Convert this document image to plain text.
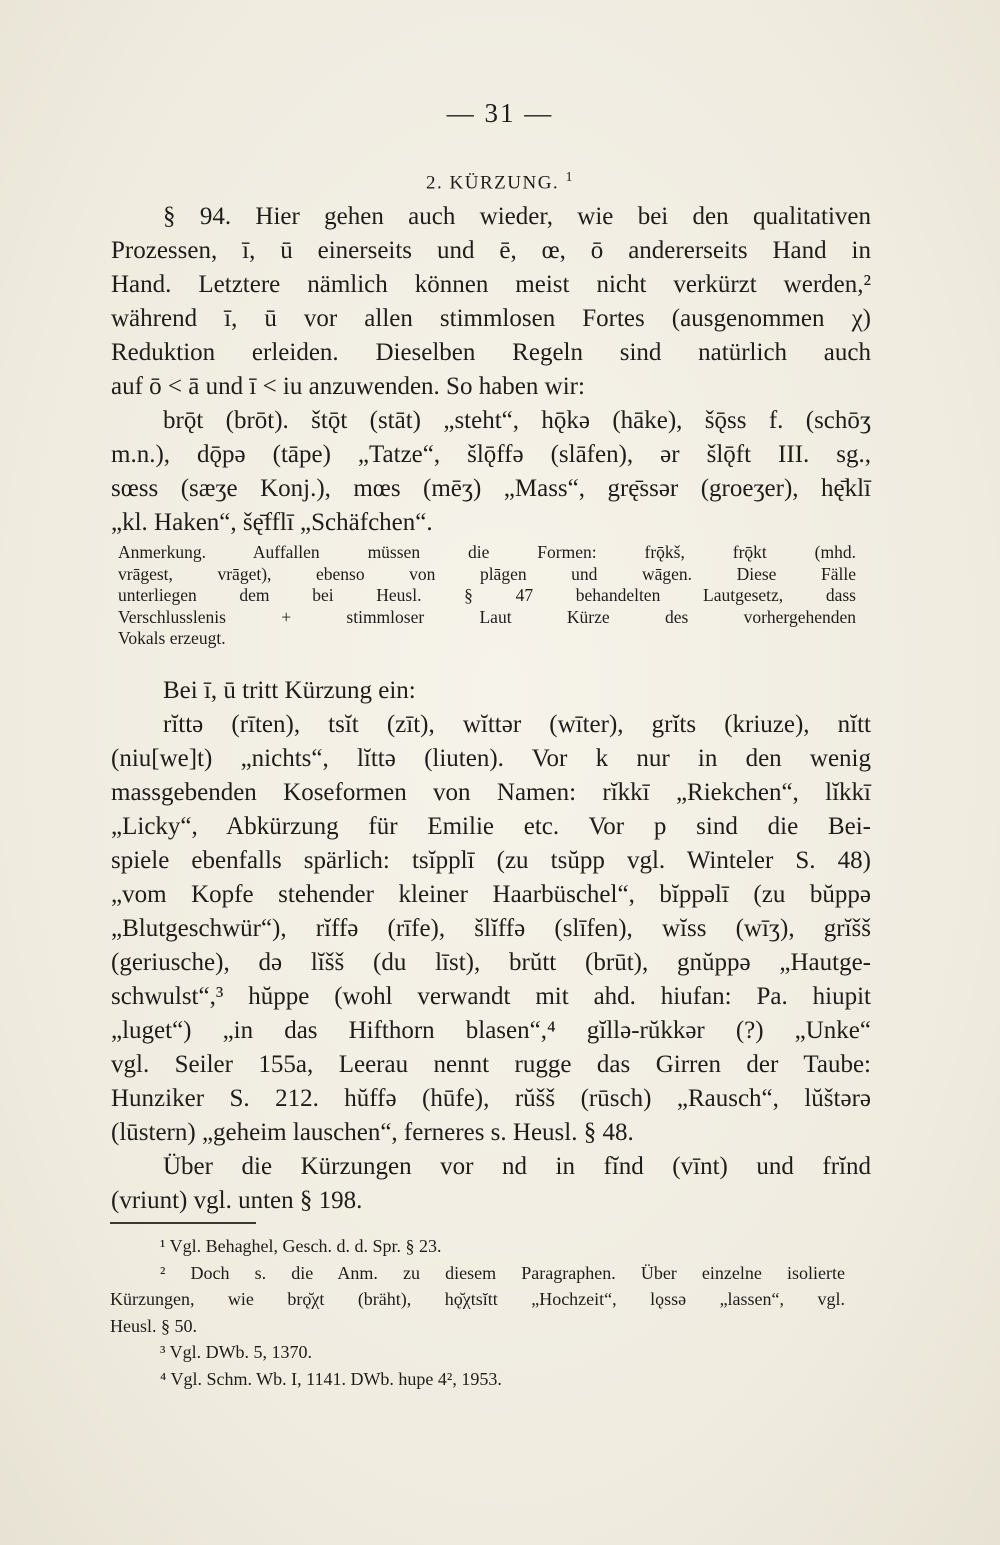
— 31 —
2. KÜRZUNG. $^1$
§ 94. Hier gehen auch wieder, wie bei den qualitativen
Prozessen, ī, ū einerseits und ē, œ, ō andererseits Hand in
Hand. Letztere nämlich können meist nicht verkürzt werden,²
während ī, ū vor allen stimmlosen Fortes (ausgenommen χ)
Reduktion erleiden. Dieselben Regeln sind natürlich auch
auf ō < ā und ī < iu anzuwenden. So haben wir:
brǭt (brōt). štǭt (stāt) „steht“, hǭkə (hāke), šǭss f. (schōʒ
m.n.), dǭpə (tāpe) „Tatze“, šlǭffə (slāfen), ər šlǭft III. sg.,
sœss (sæʒe Konj.), mœs (mēʒ) „Mass“, grę̄ssər (groeʒer), hę̄klī
„kl. Haken“, šę̄fflī „Schäfchen“.
Anmerkung. Auffallen müssen die Formen: frǭkš, frǭkt (mhd.
vrāgest, vrāget), ebenso von plāgen und wāgen. Diese Fälle
unterliegen dem bei Heusl. § 47 behandelten Lautgesetz, dass
Verschlusslenis + stimmloser Laut Kürze des vorhergehenden
Vokals erzeugt.
Bei ī, ū tritt Kürzung ein:
rĭttə (rīten), tsĭt (zīt), wĭttər (wīter), grĭts (kriuze), nĭtt
(niu[we]t) „nichts“, lĭttə (liuten). Vor k nur in den wenig
massgebenden Koseformen von Namen: rĭkkī „Riekchen“, lĭkkī
„Licky“, Abkürzung für Emilie etc. Vor p sind die Bei-
spiele ebenfalls spärlich: tsĭpplī (zu tsŭpp vgl. Winteler S. 48)
„vom Kopfe stehender kleiner Haarbüschel“, bĭppəlī (zu bŭppə
„Blutgeschwür“), rĭffə (rīfe), šlĭffə (slīfen), wĭss (wīʒ), grĭšš
(geriusche), də lĭšš (du līst), brŭtt (brūt), gnŭppə „Hautge-
schwulst“,³ hŭppe (wohl verwandt mit ahd. hiufan: Pa. hiupit
„luget“) „in das Hifthorn blasen“,⁴ gĭllə-rŭkkər (?) „Unke“
vgl. Seiler 155a, Leerau nennt rugge das Girren der Taube:
Hunziker S. 212. hŭffə (hūfe), rŭšš (rūsch) „Rausch“, lŭštərə
(lūstern) „geheim lauschen“, ferneres s. Heusl. § 48.
Über die Kürzungen vor nd in fĭnd (vīnt) und frĭnd
(vriunt) vgl. unten § 198.
¹ Vgl. Behaghel, Gesch. d. d. Spr. § 23.
² Doch s. die Anm. zu diesem Paragraphen. Über einzelne isolierte
Kürzungen, wie brǫ̆χt (bräht), hǫ̆χtsĭtt „Hochzeit“, lǫssə „lassen“, vgl.
Heusl. § 50.
³ Vgl. DWb. 5, 1370.
⁴ Vgl. Schm. Wb. I, 1141. DWb. hupe 4², 1953.
